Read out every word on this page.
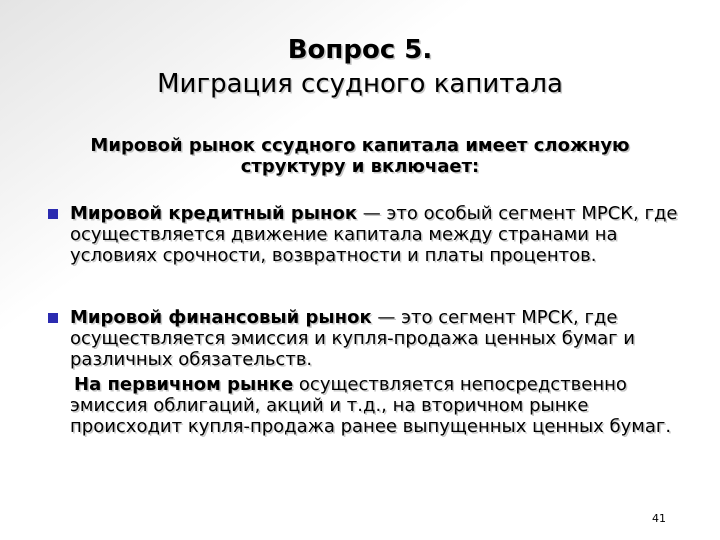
Вопрос 5.
Миграция ссудного капитала
Мировой рынок ссудного капитала имеет сложную структуру и включает:
Мировой кредитный рынок — это особый сегмент МРСК, где осуществляется движение капитала между странами на условиях срочности, возвратности и платы процентов.
Мировой финансовый рынок — это сегмент МРСК, где осуществляется эмиссия и купля-продажа ценных бумаг и различных обязательств.
На первичном рынке осуществляется непосредственно эмиссия облигаций, акций и т.д., на вторичном рынке происходит купля-продажа ранее выпущенных ценных бумаг.
41
